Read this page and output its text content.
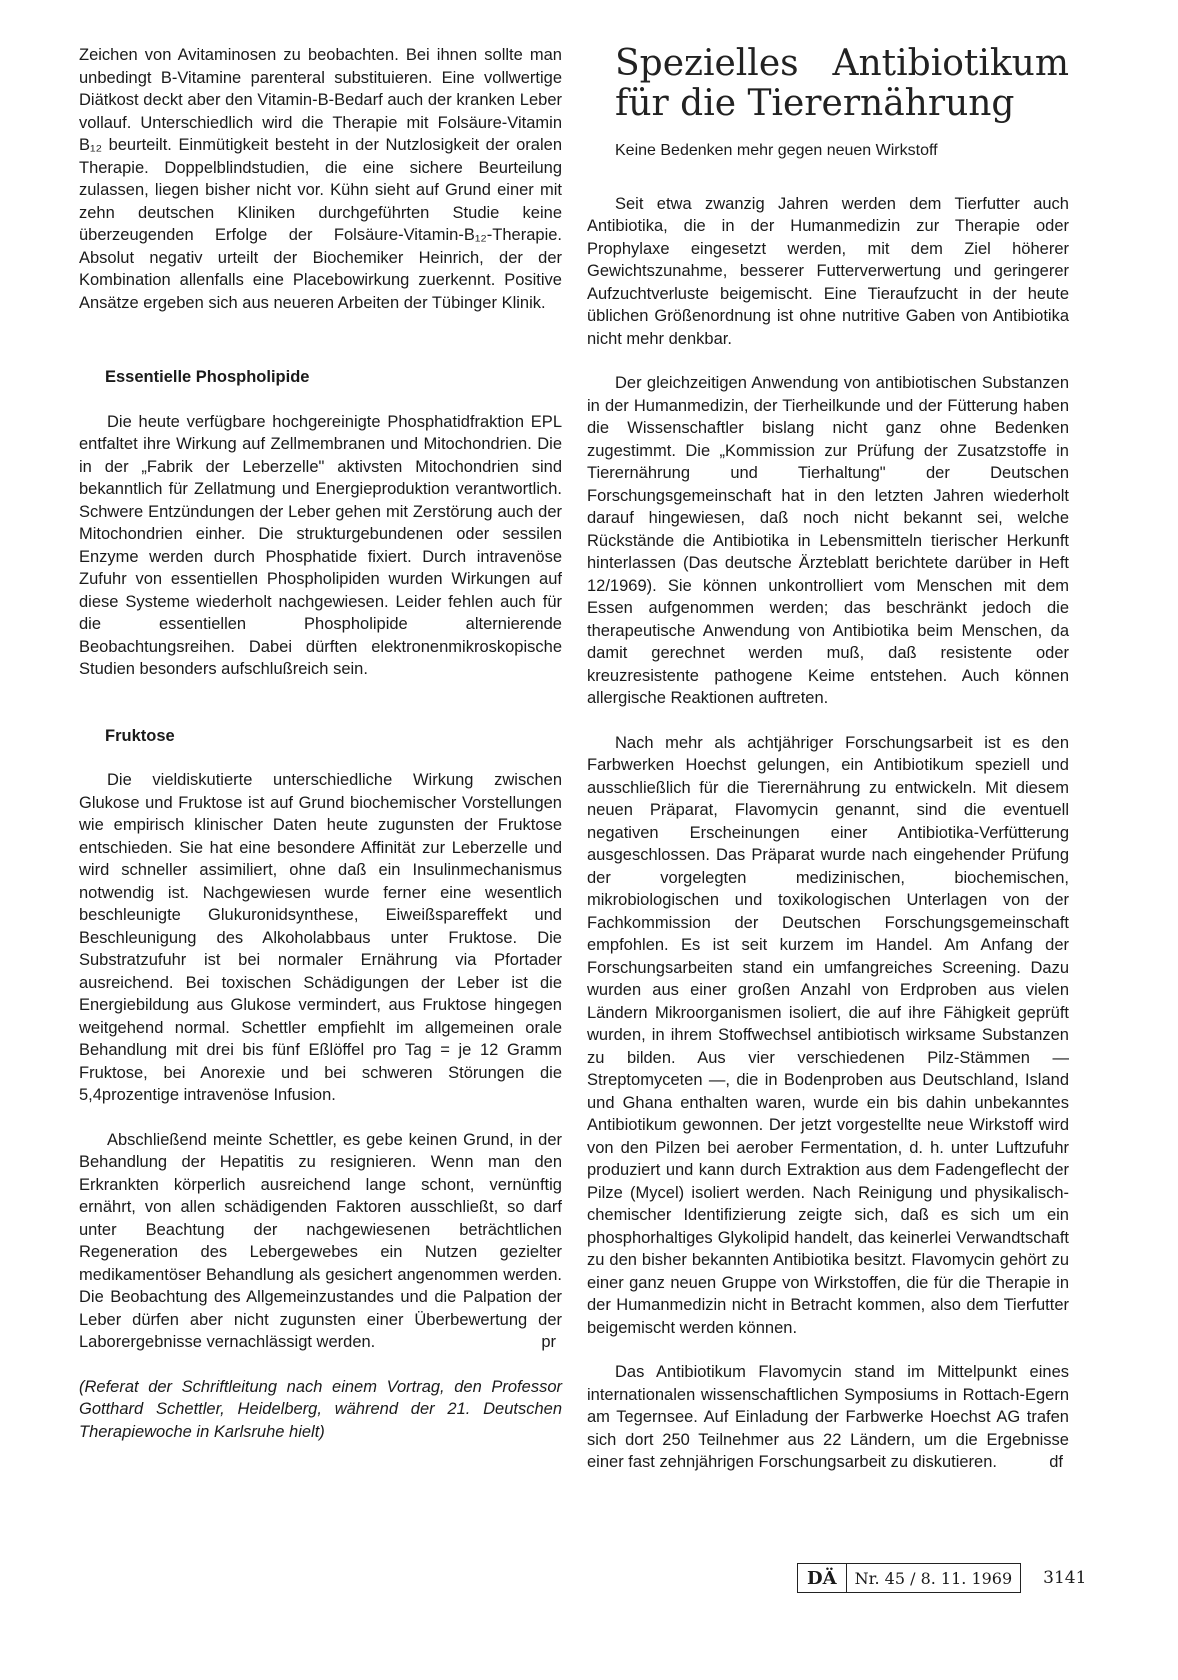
Zeichen von Avitaminosen zu beobachten. Bei ihnen sollte man unbedingt B-Vitamine parenteral substituieren. Eine vollwertige Diätkost deckt aber den Vitamin-B-Bedarf auch der kranken Leber vollauf. Unterschiedlich wird die Therapie mit Folsäure-Vitamin B₁₂ beurteilt. Einmütigkeit besteht in der Nutzlosigkeit der oralen Therapie. Doppelblindstudien, die eine sichere Beurteilung zulassen, liegen bisher nicht vor. Kühn sieht auf Grund einer mit zehn deutschen Kliniken durchgeführten Studie keine überzeugenden Erfolge der Folsäure-Vitamin-B₁₂-Therapie. Absolut negativ urteilt der Biochemiker Heinrich, der der Kombination allenfalls eine Placebowirkung zuerkennt. Positive Ansätze ergeben sich aus neueren Arbeiten der Tübinger Klinik.

Essentielle Phospholipide

Die heute verfügbare hochgereinigte Phosphatidfraktion EPL entfaltet ihre Wirkung auf Zellmembranen und Mitochondrien. Die in der „Fabrik der Leberzelle" aktivsten Mitochondrien sind bekanntlich für Zellatmung und Energieproduktion verantwortlich. Schwere Entzündungen der Leber gehen mit Zerstörung auch der Mitochondrien einher. Die strukturgebundenen oder sessilen Enzyme werden durch Phosphatide fixiert. Durch intravenöse Zufuhr von essentiellen Phospholipiden wurden Wirkungen auf diese Systeme wiederholt nachgewiesen. Leider fehlen auch für die essentiellen Phospholipide alternierende Beobachtungsreihen. Dabei dürften elektronenmikroskopische Studien besonders aufschlußreich sein.

Fruktose

Die vieldiskutierte unterschiedliche Wirkung zwischen Glukose und Fruktose ist auf Grund biochemischer Vorstellungen wie empirisch klinischer Daten heute zugunsten der Fruktose entschieden. Sie hat eine besondere Affinität zur Leberzelle und wird schneller assimiliert, ohne daß ein Insulinmechanismus notwendig ist. Nachgewiesen wurde ferner eine wesentlich beschleunigte Glukuronidsynthese, Eiweißspareffekt und Beschleunigung des Alkoholabbaus unter Fruktose. Die Substratzufuhr ist bei normaler Ernährung via Pfortader ausreichend. Bei toxischen Schädigungen der Leber ist die Energiebildung aus Glukose vermindert, aus Fruktose hingegen weitgehend normal. Schettler empfiehlt im allgemeinen orale Behandlung mit drei bis fünf Eßlöffel pro Tag = je 12 Gramm Fruktose, bei Anorexie und bei schweren Störungen die 5,4prozentige intravenöse Infusion.

Abschließend meinte Schettler, es gebe keinen Grund, in der Behandlung der Hepatitis zu resignieren. Wenn man den Erkrankten körperlich ausreichend lange schont, vernünftig ernährt, von allen schädigenden Faktoren ausschließt, so darf unter Beachtung der nachgewiesenen beträchtlichen Regeneration des Lebergewebes ein Nutzen gezielter medikamentöser Behandlung als gesichert angenommen werden. Die Beobachtung des Allgemeinzustandes und die Palpation der Leber dürfen aber nicht zugunsten einer Überbewertung der Laborergebnisse vernachlässigt werden.	pr

(Referat der Schriftleitung nach einem Vortrag, den Professor Gotthard Schettler, Heidelberg, während der 21. Deutschen Therapiewoche in Karlsruhe hielt)

Spezielles Antibiotikum für die Tierernährung

Keine Bedenken mehr gegen neuen Wirkstoff

Seit etwa zwanzig Jahren werden dem Tierfutter auch Antibiotika, die in der Humanmedizin zur Therapie oder Prophylaxe eingesetzt werden, mit dem Ziel höherer Gewichtszunahme, besserer Futterverwertung und geringerer Aufzuchtverluste beigemischt. Eine Tieraufzucht in der heute üblichen Größenordnung ist ohne nutritive Gaben von Antibiotika nicht mehr denkbar.

Der gleichzeitigen Anwendung von antibiotischen Substanzen in der Humanmedizin, der Tierheilkunde und der Fütterung haben die Wissenschaftler bislang nicht ganz ohne Bedenken zugestimmt. Die „Kommission zur Prüfung der Zusatzstoffe in Tierernährung und Tierhaltung" der Deutschen Forschungsgemeinschaft hat in den letzten Jahren wiederholt darauf hingewiesen, daß noch nicht bekannt sei, welche Rückstände die Antibiotika in Lebensmitteln tierischer Herkunft hinterlassen (Das deutsche Ärzteblatt berichtete darüber in Heft 12/1969). Sie können unkontrolliert vom Menschen mit dem Essen aufgenommen werden; das beschränkt jedoch die therapeutische Anwendung von Antibiotika beim Menschen, da damit gerechnet werden muß, daß resistente oder kreuzresistente pathogene Keime entstehen. Auch können allergische Reaktionen auftreten.

Nach mehr als achtjähriger Forschungsarbeit ist es den Farbwerken Hoechst gelungen, ein Antibiotikum speziell und ausschließlich für die Tierernährung zu entwickeln. Mit diesem neuen Präparat, Flavomycin genannt, sind die eventuell negativen Erscheinungen einer Antibiotika-Verfütterung ausgeschlossen. Das Präparat wurde nach eingehender Prüfung der vorgelegten medizinischen, biochemischen, mikrobiologischen und toxikologischen Unterlagen von der Fachkommission der Deutschen Forschungsgemeinschaft empfohlen. Es ist seit kurzem im Handel. Am Anfang der Forschungsarbeiten stand ein umfangreiches Screening. Dazu wurden aus einer großen Anzahl von Erdproben aus vielen Ländern Mikroorganismen isoliert, die auf ihre Fähigkeit geprüft wurden, in ihrem Stoffwechsel antibiotisch wirksame Substanzen zu bilden. Aus vier verschiedenen Pilz-Stämmen — Streptomyceten —, die in Bodenproben aus Deutschland, Island und Ghana enthalten waren, wurde ein bis dahin unbekanntes Antibiotikum gewonnen. Der jetzt vorgestellte neue Wirkstoff wird von den Pilzen bei aerober Fermentation, d. h. unter Luftzufuhr produziert und kann durch Extraktion aus dem Fadengeflecht der Pilze (Mycel) isoliert werden. Nach Reinigung und physikalisch-chemischer Identifizierung zeigte sich, daß es sich um ein phosphorhaltiges Glykolipid handelt, das keinerlei Verwandtschaft zu den bisher bekannten Antibiotika besitzt. Flavomycin gehört zu einer ganz neuen Gruppe von Wirkstoffen, die für die Therapie in der Humanmedizin nicht in Betracht kommen, also dem Tierfutter beigemischt werden können.

Das Antibiotikum Flavomycin stand im Mittelpunkt eines internationalen wissenschaftlichen Symposiums in Rottach-Egern am Tegernsee. Auf Einladung der Farbwerke Hoechst AG trafen sich dort 250 Teilnehmer aus 22 Ländern, um die Ergebnisse einer fast zehnjährigen Forschungsarbeit zu diskutieren.	df

DÄ	Nr. 45 / 8. 11. 1969	3141
